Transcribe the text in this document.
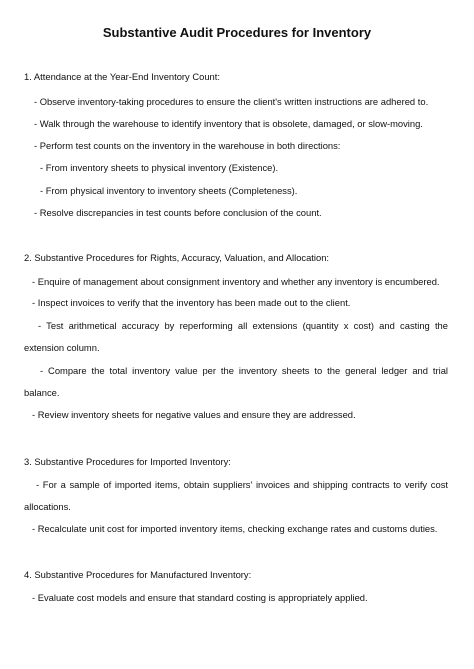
Substantive Audit Procedures for Inventory
1. Attendance at the Year-End Inventory Count:
- Observe inventory-taking procedures to ensure the client's written instructions are adhered to.
- Walk through the warehouse to identify inventory that is obsolete, damaged, or slow-moving.
- Perform test counts on the inventory in the warehouse in both directions:
- From inventory sheets to physical inventory (Existence).
- From physical inventory to inventory sheets (Completeness).
- Resolve discrepancies in test counts before conclusion of the count.
2. Substantive Procedures for Rights, Accuracy, Valuation, and Allocation:
- Enquire of management about consignment inventory and whether any inventory is encumbered.
- Inspect invoices to verify that the inventory has been made out to the client.
- Test arithmetical accuracy by reperforming all extensions (quantity x cost) and casting the
extension column.
- Compare the total inventory value per the inventory sheets to the general ledger and trial
balance.
- Review inventory sheets for negative values and ensure they are addressed.
3. Substantive Procedures for Imported Inventory:
- For a sample of imported items, obtain suppliers' invoices and shipping contracts to verify cost
allocations.
- Recalculate unit cost for imported inventory items, checking exchange rates and customs duties.
4. Substantive Procedures for Manufactured Inventory:
- Evaluate cost models and ensure that standard costing is appropriately applied.
